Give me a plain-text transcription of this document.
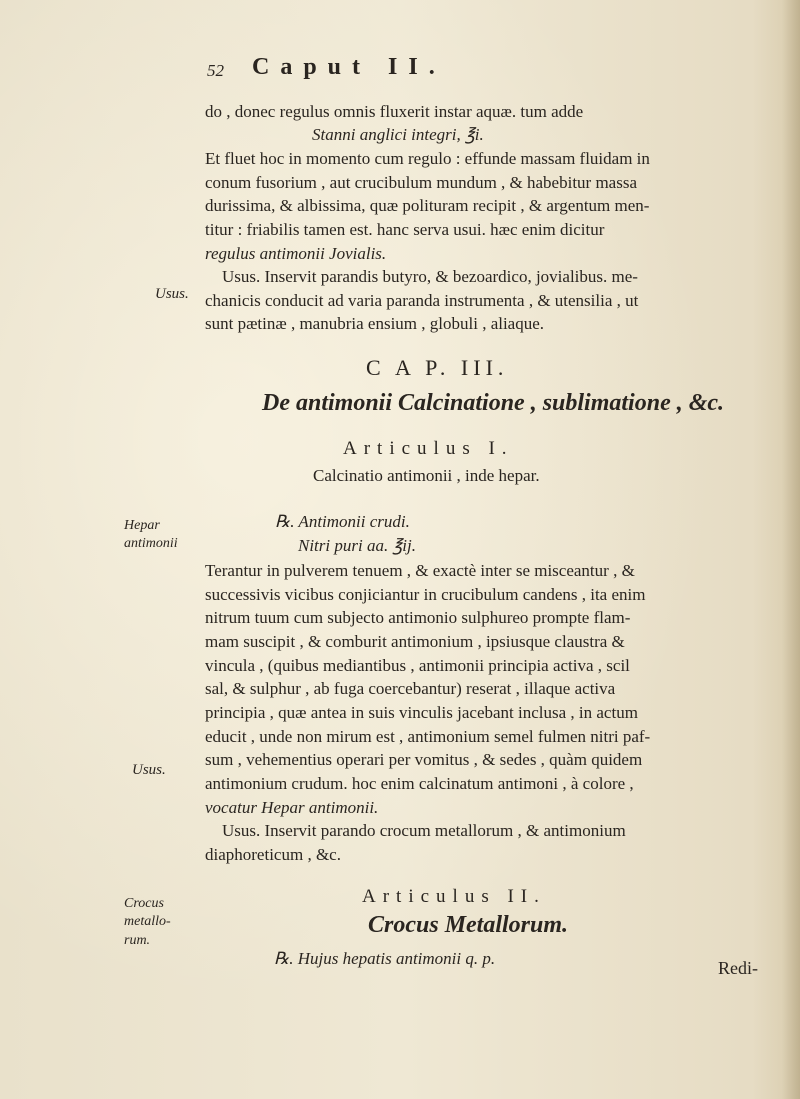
52 Caput II.
Usus.
Hepar
antimonii
Usus.
Crocus
metallo-
rum.
do , donec regulus omnis fluxerit instar aquæ. tum adde
Stanni anglici integri, ℥i.
Et fluet hoc in momento cum regulo : effunde massam fluidam in
conum fusorium , aut crucibulum mundum , & habebitur massa
durissima, & albissima, quæ polituram recipit , & argentum men-
titur : friabilis tamen est. hanc serva usui. hæc enim dicitur
regulus antimonii Jovialis.
Usus. Inservit parandis butyro, & bezoardico, jovialibus. me-
chanicis conducit ad varia paranda instrumenta , & utensilia , ut
sunt pætinæ , manubria ensium , globuli , aliaque.
C A P. III.
De antimonii Calcinatione , sublimatione , &c.
Articulus I.
Calcinatio antimonii , inde hepar.
℞. Antimonii crudi.
Nitri puri aa. ℥ij.
Terantur in pulverem tenuem , & exactè inter se misceantur , &
successivis vicibus conjiciantur in crucibulum candens , ita enim
nitrum tuum cum subjecto antimonio sulphureo prompte flam-
mam suscipit , & comburit antimonium , ipsiusque claustra &
vincula , (quibus mediantibus , antimonii principia activa , scil
sal, & sulphur , ab fuga coercebantur) reserat , illaque activa
principia , quæ antea in suis vinculis jacebant inclusa , in actum
educit , unde non mirum est , antimonium semel fulmen nitri paf-
sum , vehementius operari per vomitus , & sedes , quàm quidem
antimonium crudum. hoc enim calcinatum antimoni , à colore ,
vocatur Hepar antimonii.
Usus. Inservit parando crocum metallorum , & antimonium
diaphoreticum , &c.
Articulus II.
Crocus Metallorum.
℞. Hujus hepatis antimonii q. p.	Redi-
